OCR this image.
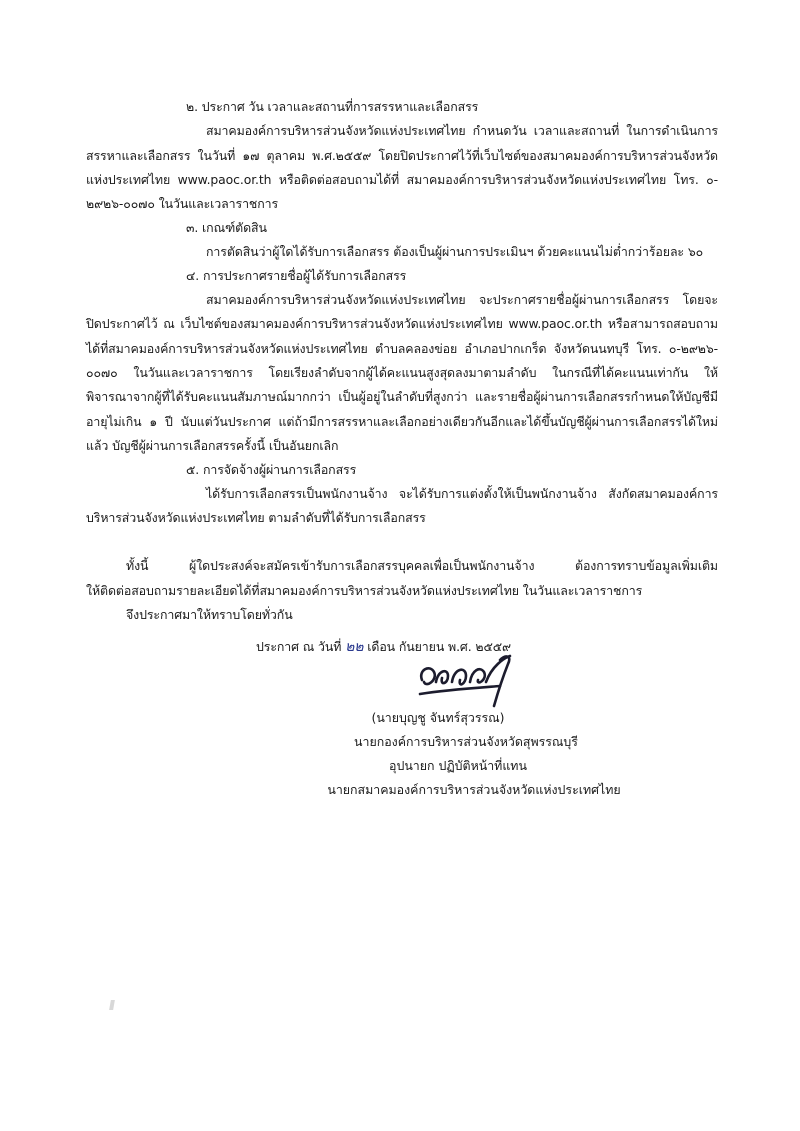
๒. ประกาศ วัน เวลาและสถานที่การสรรหาและเลือกสรร
สมาคมองค์การบริหารส่วนจังหวัดแห่งประเทศไทย กำหนดวัน เวลาและสถานที่ ในการดำเนินการ
สรรหาและเลือกสรร ในวันที่ ๑๗ ตุลาคม พ.ศ.๒๕๕๙ โดยปิดประกาศไว้ที่เว็บไซต์ของสมาคมองค์การบริหารส่วนจังหวัด
แห่งประเทศไทย www.paoc.or.th หรือติดต่อสอบถามได้ที่ สมาคมองค์การบริหารส่วนจังหวัดแห่งประเทศไทย โทร. ๐-
๒๙๒๖-๐๐๗๐ ในวันและเวลาราชการ
๓. เกณฑ์ตัดสิน
การตัดสินว่าผู้ใดได้รับการเลือกสรร ต้องเป็นผู้ผ่านการประเมินฯ ด้วยคะแนนไม่ต่ำกว่าร้อยละ ๖๐
๔. การประกาศรายชื่อผู้ได้รับการเลือกสรร
สมาคมองค์การบริหารส่วนจังหวัดแห่งประเทศไทย จะประกาศรายชื่อผู้ผ่านการเลือกสรร โดยจะ
ปิดประกาศไว้ ณ เว็บไซต์ของสมาคมองค์การบริหารส่วนจังหวัดแห่งประเทศไทย www.paoc.or.th หรือสามารถสอบถาม
ได้ที่สมาคมองค์การบริหารส่วนจังหวัดแห่งประเทศไทย ตำบลคลองข่อย อำเภอปากเกร็ด จังหวัดนนทบุรี โทร. ๐-๒๙๒๖-
๐๐๗๐ ในวันและเวลาราชการ โดยเรียงลำดับจากผู้ได้คะแนนสูงสุดลงมาตามลำดับ ในกรณีที่ได้คะแนนเท่ากัน ให้
พิจารณาจากผู้ที่ได้รับคะแนนสัมภาษณ์มากกว่า เป็นผู้อยู่ในลำดับที่สูงกว่า และรายชื่อผู้ผ่านการเลือกสรรกำหนดให้บัญชีมี
อายุไม่เกิน ๑ ปี นับแต่วันประกาศ แต่ถ้ามีการสรรหาและเลือกอย่างเดียวกันอีกและได้ขึ้นบัญชีผู้ผ่านการเลือกสรรได้ใหม่
แล้ว บัญชีผู้ผ่านการเลือกสรรครั้งนี้ เป็นอันยกเลิก
๕. การจัดจ้างผู้ผ่านการเลือกสรร
ได้รับการเลือกสรรเป็นพนักงานจ้าง จะได้รับการแต่งตั้งให้เป็นพนักงานจ้าง สังกัดสมาคมองค์การ
บริหารส่วนจังหวัดแห่งประเทศไทย ตามลำดับที่ได้รับการเลือกสรร
ทั้งนี้ ผู้ใดประสงค์จะสมัครเข้ารับการเลือกสรรบุคคลเพื่อเป็นพนักงานจ้าง ต้องการทราบข้อมูลเพิ่มเติม
ให้ติดต่อสอบถามรายละเอียดได้ที่สมาคมองค์การบริหารส่วนจังหวัดแห่งประเทศไทย ในวันและเวลาราชการ
จึงประกาศมาให้ทราบโดยทั่วกัน
ประกาศ ณ วันที่ ๒๒ เดือน กันยายน พ.ศ. ๒๕๕๙
(นายบุญชู จันทร์สุวรรณ)
นายกองค์การบริหารส่วนจังหวัดสุพรรณบุรี
อุปนายก ปฏิบัติหน้าที่แทน
นายกสมาคมองค์การบริหารส่วนจังหวัดแห่งประเทศไทย
